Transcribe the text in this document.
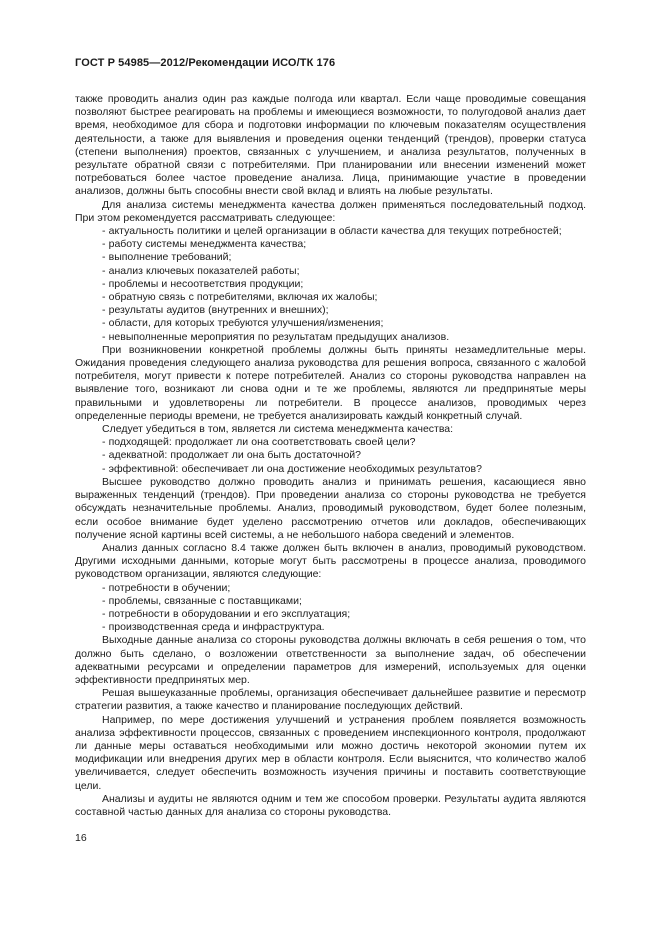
ГОСТ Р 54985—2012/Рекомендации ИСО/ТК 176

также проводить анализ один раз каждые полгода или квартал. Если чаще проводимые совещания позволяют быстрее реагировать на проблемы и имеющиеся возможности, то полугодовой анализ дает время, необходимое для сбора и подготовки информации по ключевым показателям осуществления деятельности, а также для выявления и проведения оценки тенденций (трендов), проверки статуса (степени выполнения) проектов, связанных с улучшением, и анализа результатов, полученных в результате обратной связи с потребителями. При планировании или внесении изменений может потребоваться более частое проведение анализа. Лица, принимающие участие в проведении анализов, должны быть способны внести свой вклад и влиять на любые результаты.

Для анализа системы менеджмента качества должен применяться последовательный подход. При этом рекомендуется рассматривать следующее:

- актуальность политики и целей организации в области качества для текущих потребностей;

- работу системы менеджмента качества;

- выполнение требований;

- анализ ключевых показателей работы;

- проблемы и несоответствия продукции;

- обратную связь с потребителями, включая их жалобы;

- результаты аудитов (внутренних и внешних);

- области, для которых требуются улучшения/изменения;

- невыполненные мероприятия по результатам предыдущих анализов.

При возникновении конкретной проблемы должны быть приняты незамедлительные меры. Ожидания проведения следующего анализа руководства для решения вопроса, связанного с жалобой потребителя, могут привести к потере потребителей. Анализ со стороны руководства направлен на выявление того, возникают ли снова одни и те же проблемы, являются ли предпринятые меры правильными и удовлетворены ли потребители. В процессе анализов, проводимых через определенные периоды времени, не требуется анализировать каждый конкретный случай.

Следует убедиться в том, является ли система менеджмента качества:

- подходящей: продолжает ли она соответствовать своей цели?

- адекватной: продолжает ли она быть достаточной?

- эффективной: обеспечивает ли она достижение необходимых результатов?

Высшее руководство должно проводить анализ и принимать решения, касающиеся явно выраженных тенденций (трендов). При проведении анализа со стороны руководства не требуется обсуждать незначительные проблемы. Анализ, проводимый руководством, будет более полезным, если особое внимание будет уделено рассмотрению отчетов или докладов, обеспечивающих получение ясной картины всей системы, а не небольшого набора сведений и элементов.

Анализ данных согласно 8.4 также должен быть включен в анализ, проводимый руководством. Другими исходными данными, которые могут быть рассмотрены в процессе анализа, проводимого руководством организации, являются следующие:

- потребности в обучении;

- проблемы, связанные с поставщиками;

- потребности в оборудовании и его эксплуатация;

- производственная среда и инфраструктура.

Выходные данные анализа со стороны руководства должны включать в себя решения о том, что должно быть сделано, о возложении ответственности за выполнение задач, об обеспечении адекватными ресурсами и определении параметров для измерений, используемых для оценки эффективности предпринятых мер.

Решая вышеуказанные проблемы, организация обеспечивает дальнейшее развитие и пересмотр стратегии развития, а также качество и планирование последующих действий.

Например, по мере достижения улучшений и устранения проблем появляется возможность анализа эффективности процессов, связанных с проведением инспекционного контроля, продолжают ли данные меры оставаться необходимыми или можно достичь некоторой экономии путем их модификации или внедрения других мер в области контроля. Если выяснится, что количество жалоб увеличивается, следует обеспечить возможность изучения причины и поставить соответствующие цели.

Анализы и аудиты не являются одним и тем же способом проверки. Результаты аудита являются составной частью данных для анализа со стороны руководства.

16
